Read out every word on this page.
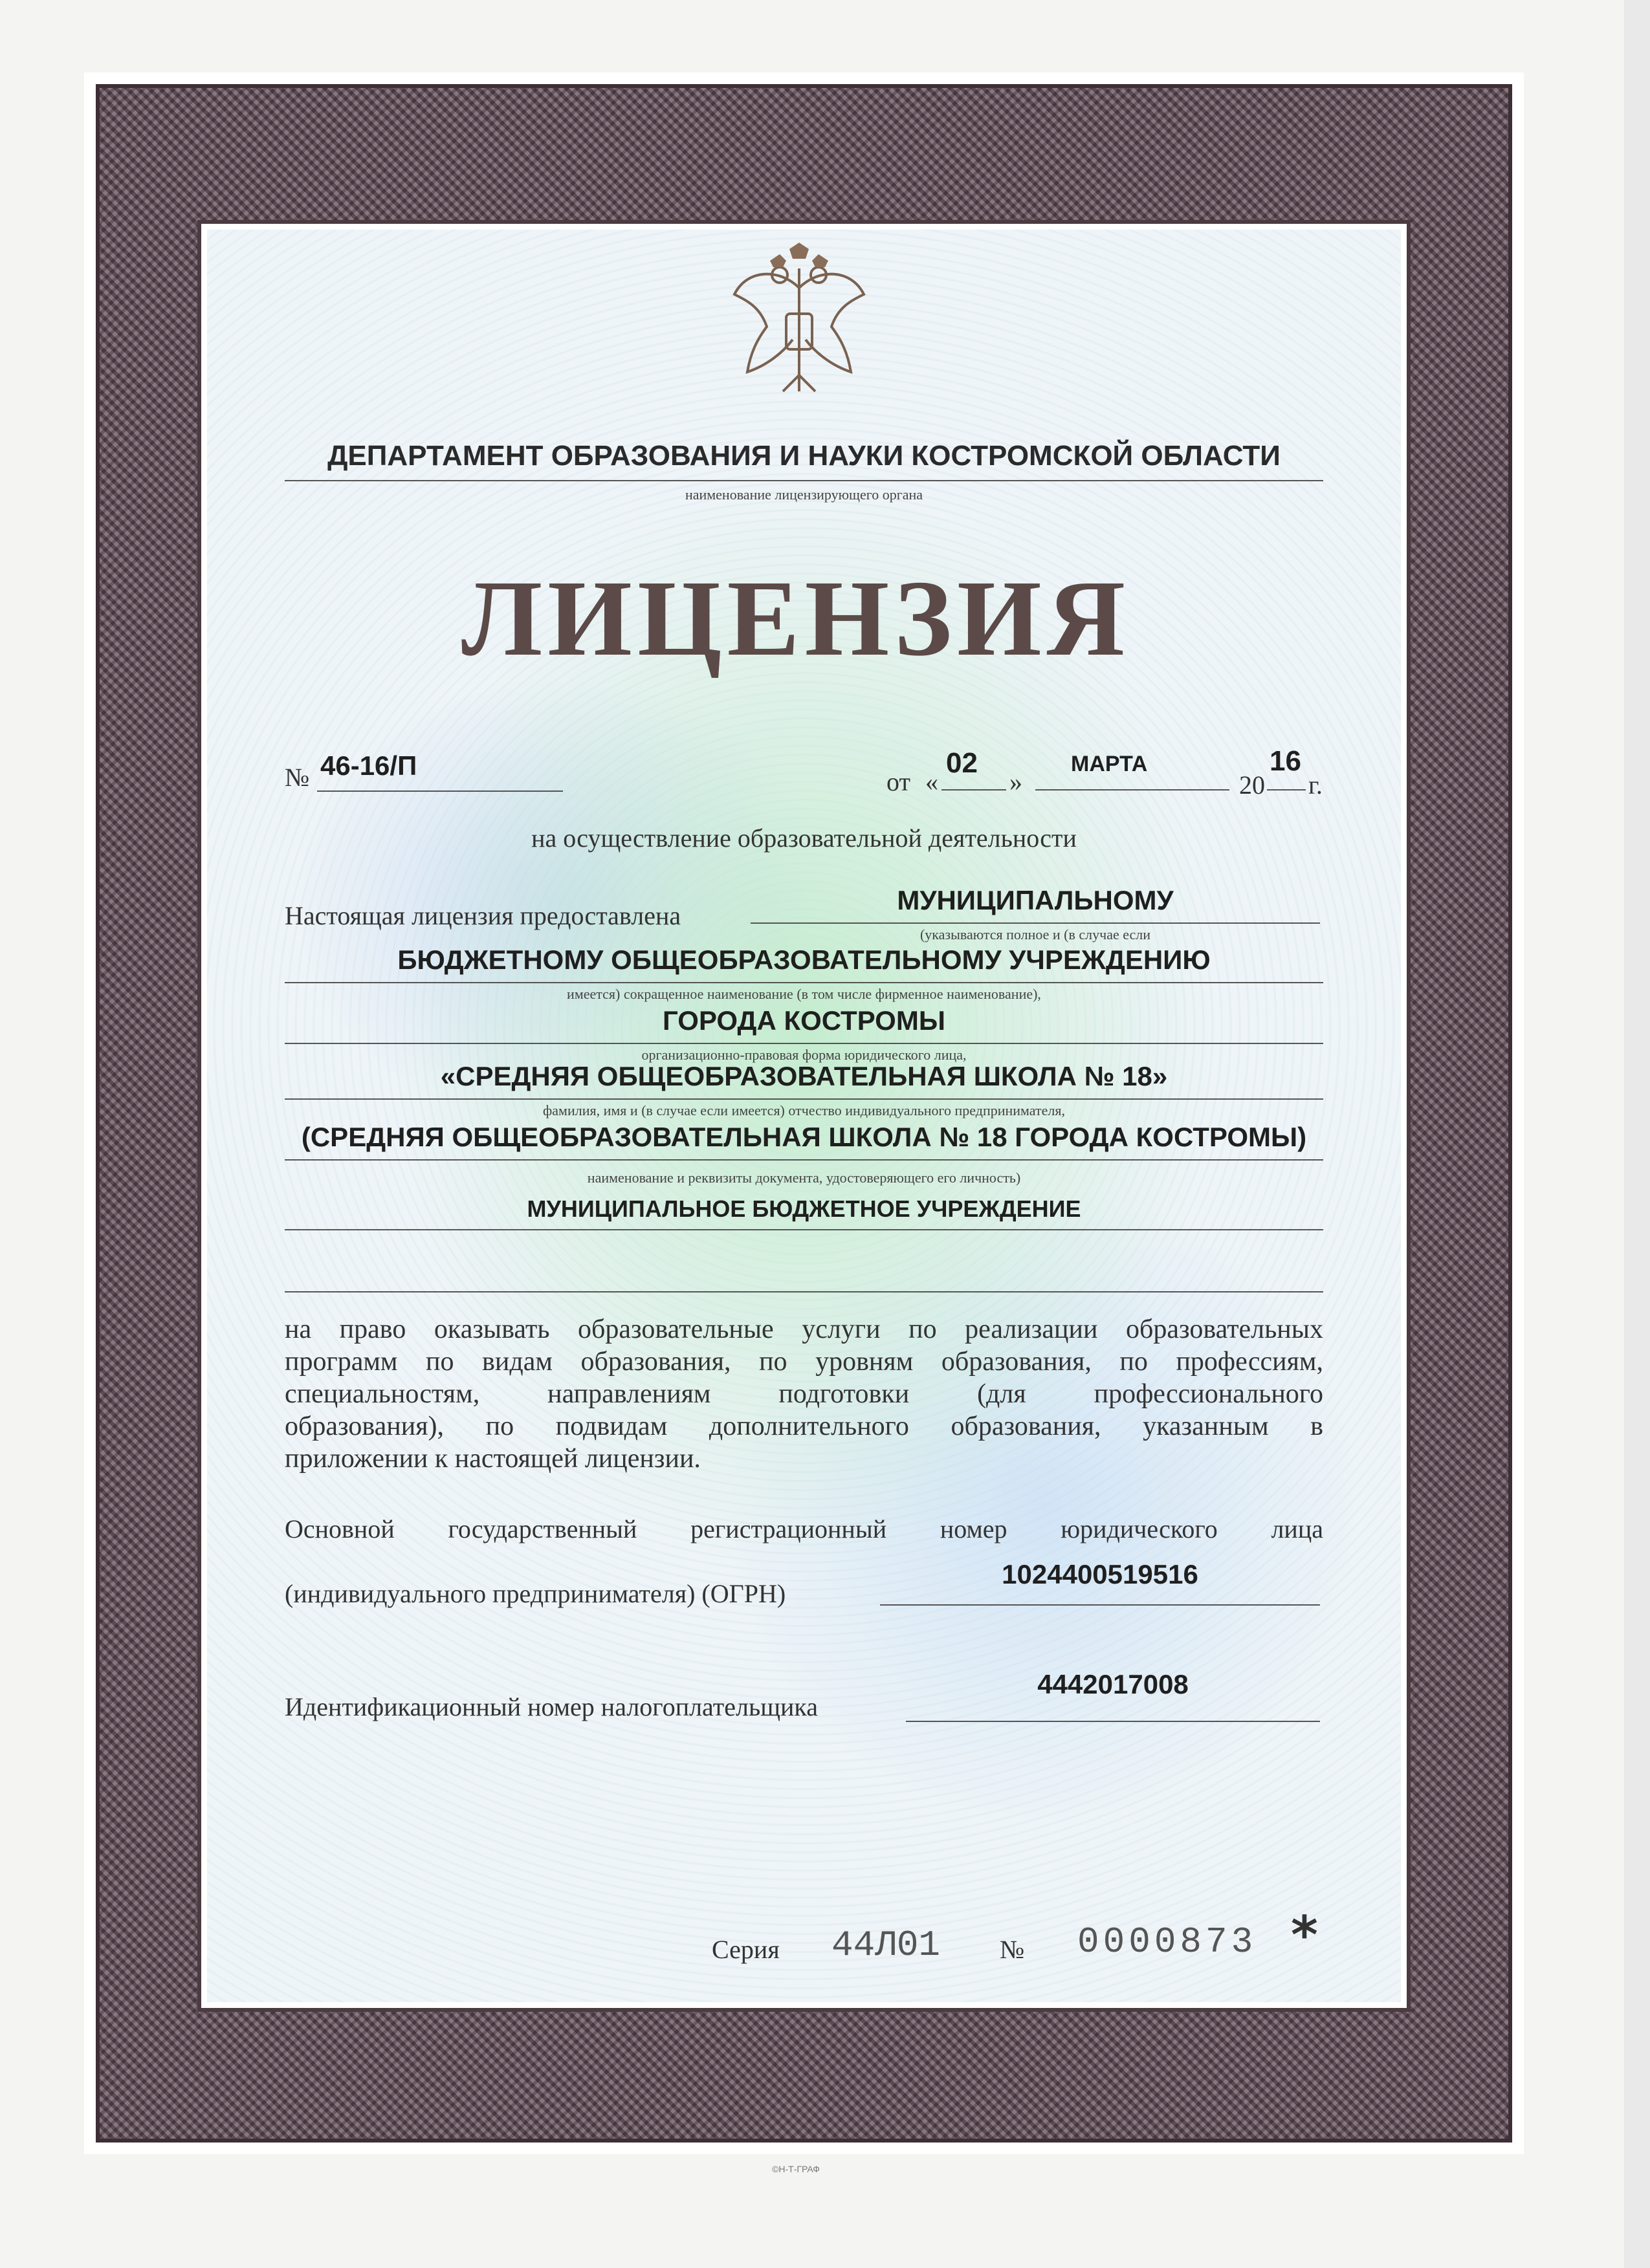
ДЕПАРТАМЕНТ ОБРАЗОВАНИЯ И НАУКИ КОСТРОМСКОЙ ОБЛАСТИ
наименование лицензирующего органа
ЛИЦЕНЗИЯ
№ 46-16/П
от «
02
»
МАРТА
20
16
г.
на осуществление образовательной деятельности
Настоящая лицензия предоставлена
МУНИЦИПАЛЬНОМУ
(указываются полное и (в случае если
БЮДЖЕТНОМУ ОБЩЕОБРАЗОВАТЕЛЬНОМУ УЧРЕЖДЕНИЮ
имеется) сокращенное наименование (в том числе фирменное наименование),
ГОРОДА КОСТРОМЫ
организационно-правовая форма юридического лица,
«СРЕДНЯЯ ОБЩЕОБРАЗОВАТЕЛЬНАЯ ШКОЛА № 18»
фамилия, имя и (в случае если имеется) отчество индивидуального предпринимателя,
(СРЕДНЯЯ ОБЩЕОБРАЗОВАТЕЛЬНАЯ ШКОЛА № 18 ГОРОДА КОСТРОМЫ)
наименование и реквизиты документа, удостоверяющего его личность)
МУНИЦИПАЛЬНОЕ БЮДЖЕТНОЕ УЧРЕЖДЕНИЕ
на право оказывать образовательные услуги по реализации образовательных
программ по видам образования, по уровням образования, по профессиям,
специальностям, направлениям подготовки (для профессионального
образования), по подвидам дополнительного образования, указанным в
приложении к настоящей лицензии.
Основной государственный регистрационный номер юридического лица
(индивидуального предпринимателя) (ОГРН)
1024400519516
Идентификационный номер налогоплательщика
4442017008
Серия 44Л01 № 0000873 *
©Н-Т-ГРАФ
